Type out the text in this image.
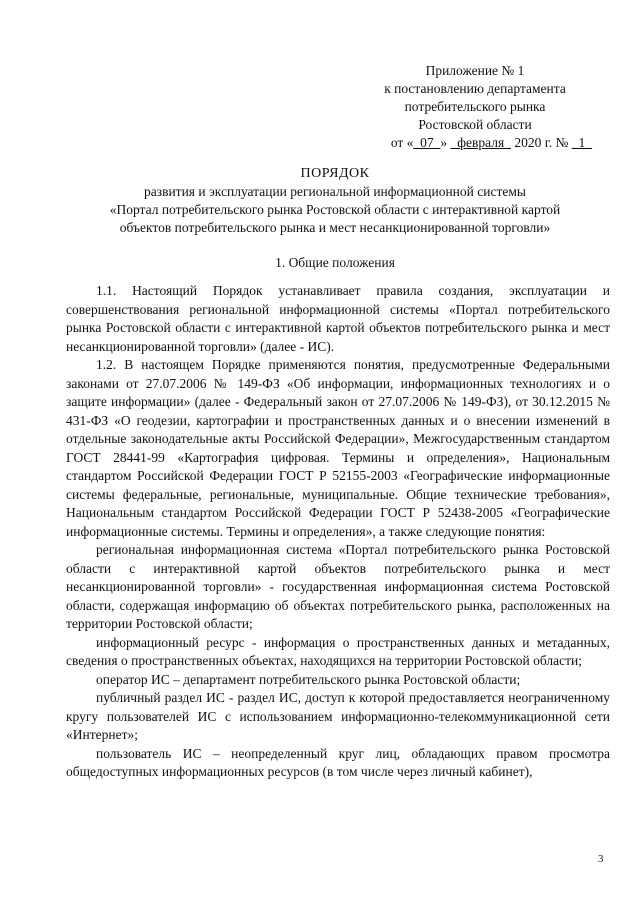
Приложение № 1
к постановлению департамента
потребительского рынка
Ростовской области
от «_07_» _февраля_ 2020 г. № _1_
ПОРЯДОК
развития и эксплуатации региональной информационной системы
«Портал потребительского рынка Ростовской области с интерактивной картой
объектов потребительского рынка и мест несанкционированной торговли»
1. Общие положения

1.1. Настоящий Порядок устанавливает правила создания, эксплуатации и совершенствования региональной информационной системы «Портал потребительского рынка Ростовской области с интерактивной картой объектов потребительского рынка и мест несанкционированной торговли» (далее - ИС).

1.2. В настоящем Порядке применяются понятия, предусмотренные Федеральными законами от 27.07.2006 № 149-ФЗ «Об информации, информационных технологиях и о защите информации» (далее - Федеральный закон от 27.07.2006 № 149-ФЗ), от 30.12.2015 № 431-ФЗ «О геодезии, картографии и пространственных данных и о внесении изменений в отдельные законодательные акты Российской Федерации», Межгосударственным стандартом ГОСТ 28441-99 «Картография цифровая. Термины и определения», Национальным стандартом Российской Федерации ГОСТ Р 52155-2003 «Географические информационные системы федеральные, региональные, муниципальные. Общие технические требования», Национальным стандартом Российской Федерации ГОСТ Р 52438-2005 «Географические информационные системы. Термины и определения», а также следующие понятия:

региональная информационная система «Портал потребительского рынка Ростовской области с интерактивной картой объектов потребительского рынка и мест несанкционированной торговли» - государственная информационная система Ростовской области, содержащая информацию об объектах потребительского рынка, расположенных на территории Ростовской области;

информационный ресурс - информация о пространственных данных и метаданных, сведения о пространственных объектах, находящихся на территории Ростовской области;

оператор ИС – департамент потребительского рынка Ростовской области;

публичный раздел ИС - раздел ИС, доступ к которой предоставляется неограниченному кругу пользователей ИС с использованием информационно-телекоммуникационной сети «Интернет»;

пользователь ИС – неопределенный круг лиц, обладающих правом просмотра общедоступных информационных ресурсов (в том числе через личный кабинет),

3
